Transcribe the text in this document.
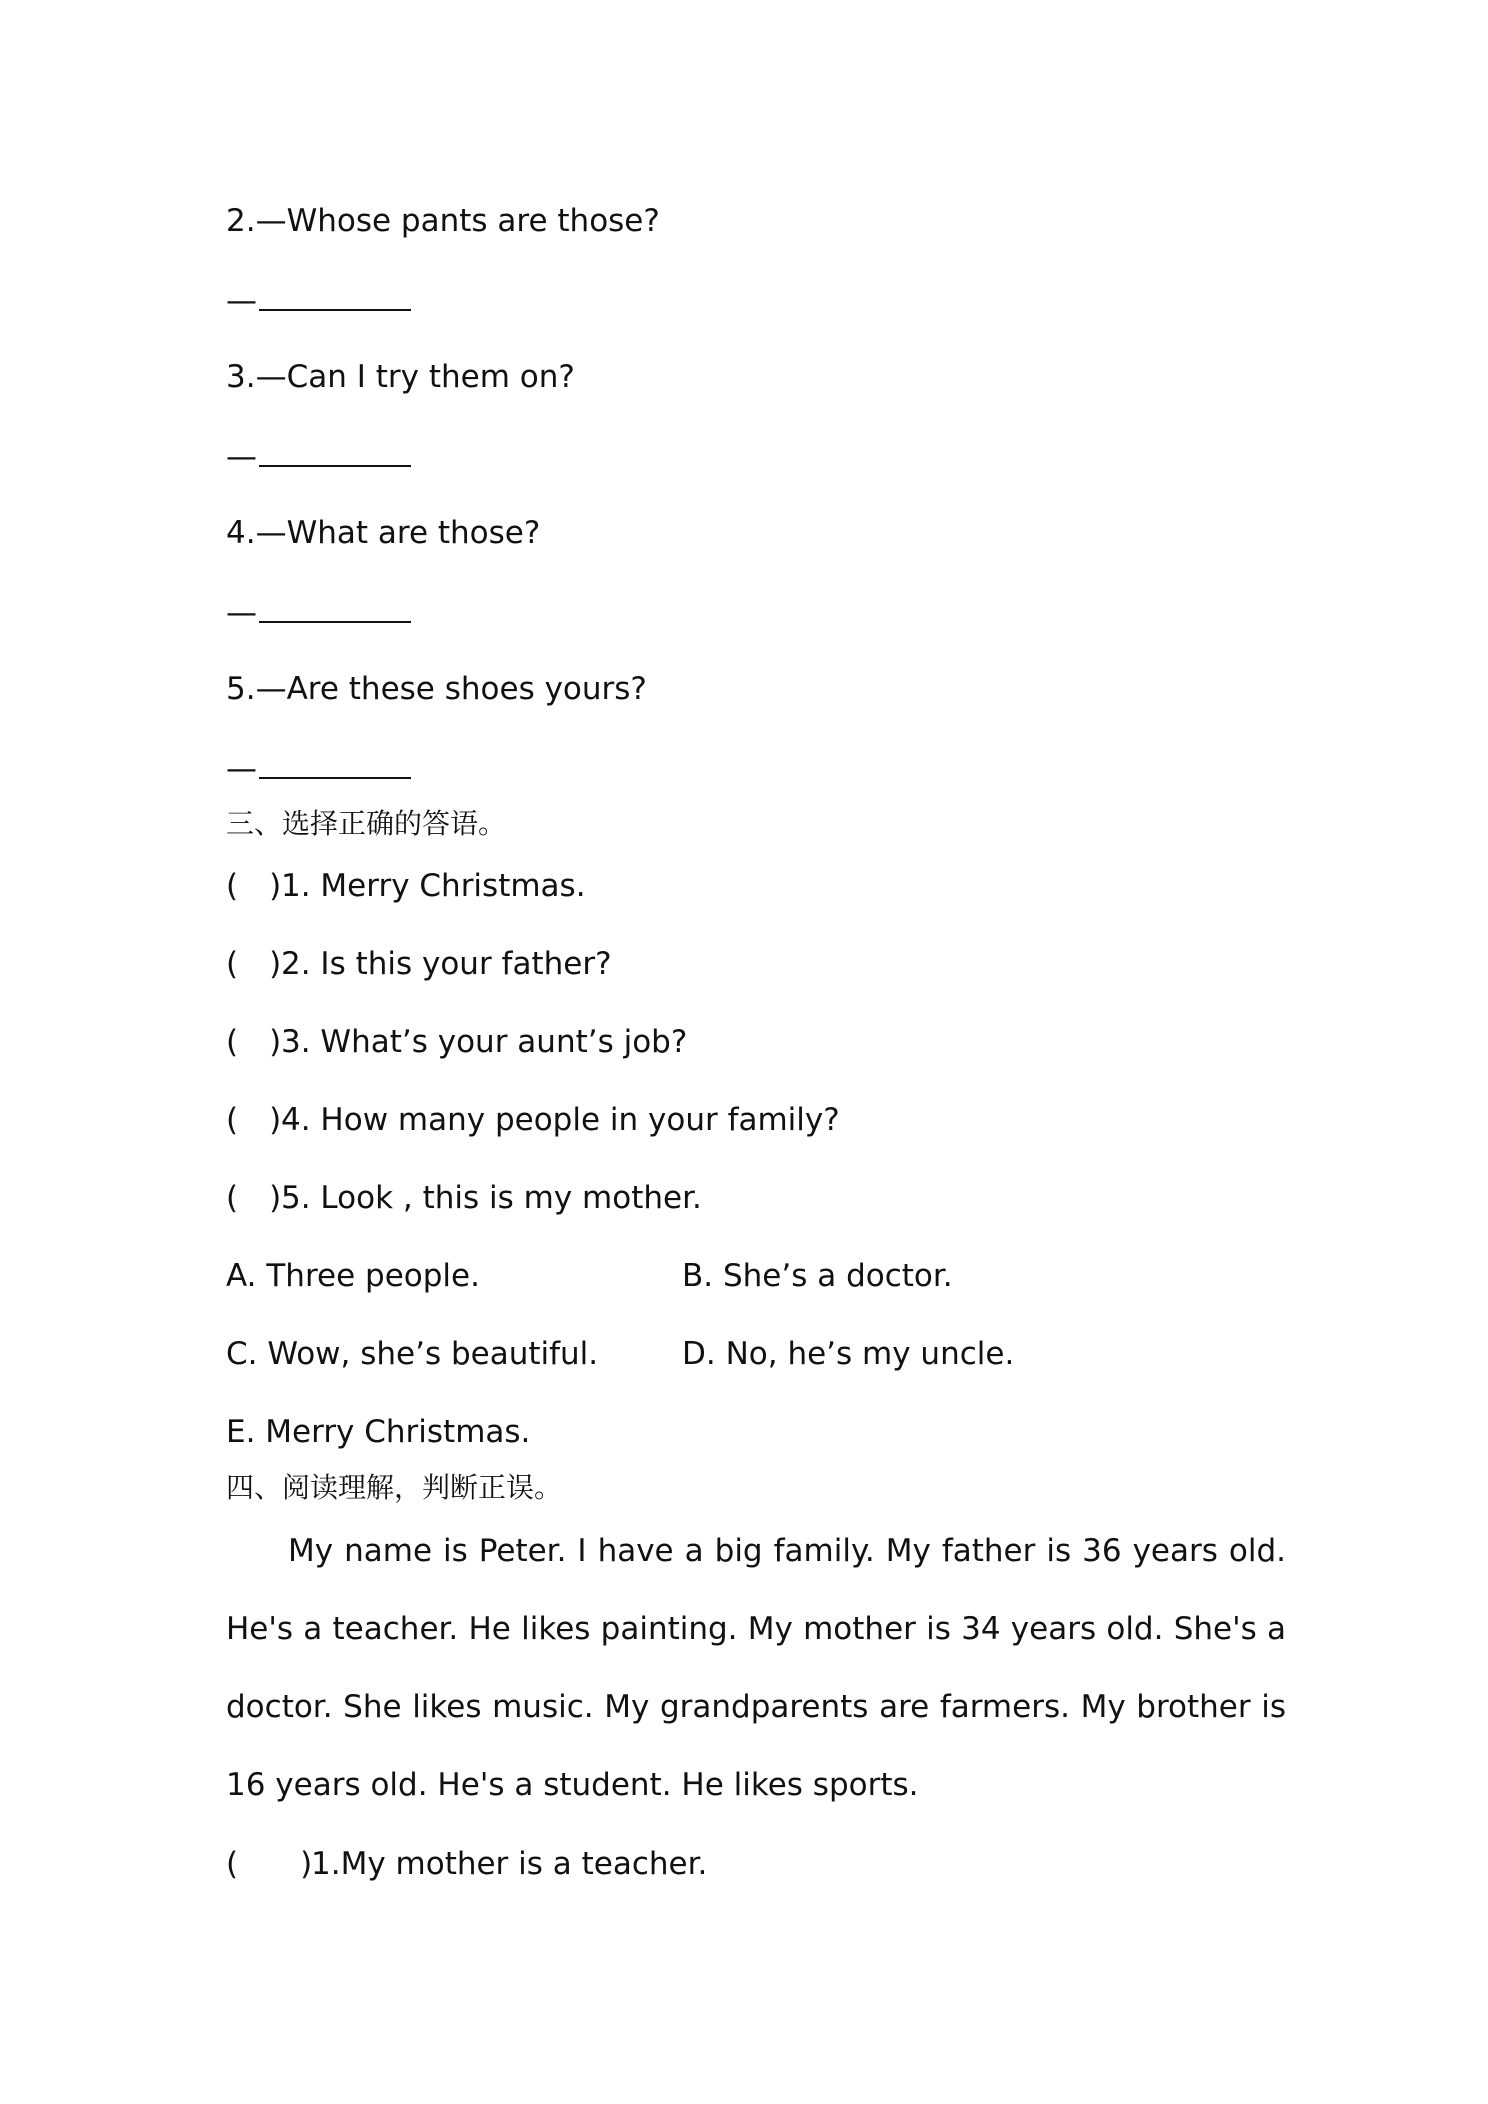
2.—Whose pants are those?
—
3.—Can I try them on?
—
4.—What are those?
—
5.—Are these shoes yours?
—
三、选择正确的答语。
(　)1. Merry Christmas.
(　)2. Is this your father?
(　)3. What’s your aunt’s job?
(　)4. How many people in your family?
(　)5. Look , this is my mother.
A. Three people.	B. She’s a doctor.
C. Wow, she’s beautiful.	D. No, he’s my uncle.
E. Merry Christmas.
四、阅读理解，判断正误。
My name is Peter. I have a big family. My father is 36 years old. He's a teacher. He likes painting. My mother is 34 years old. She's a doctor. She likes music. My grandparents are farmers. My brother is 16 years old. He's a student. He likes sports.
(　　)1.My mother is a teacher.
